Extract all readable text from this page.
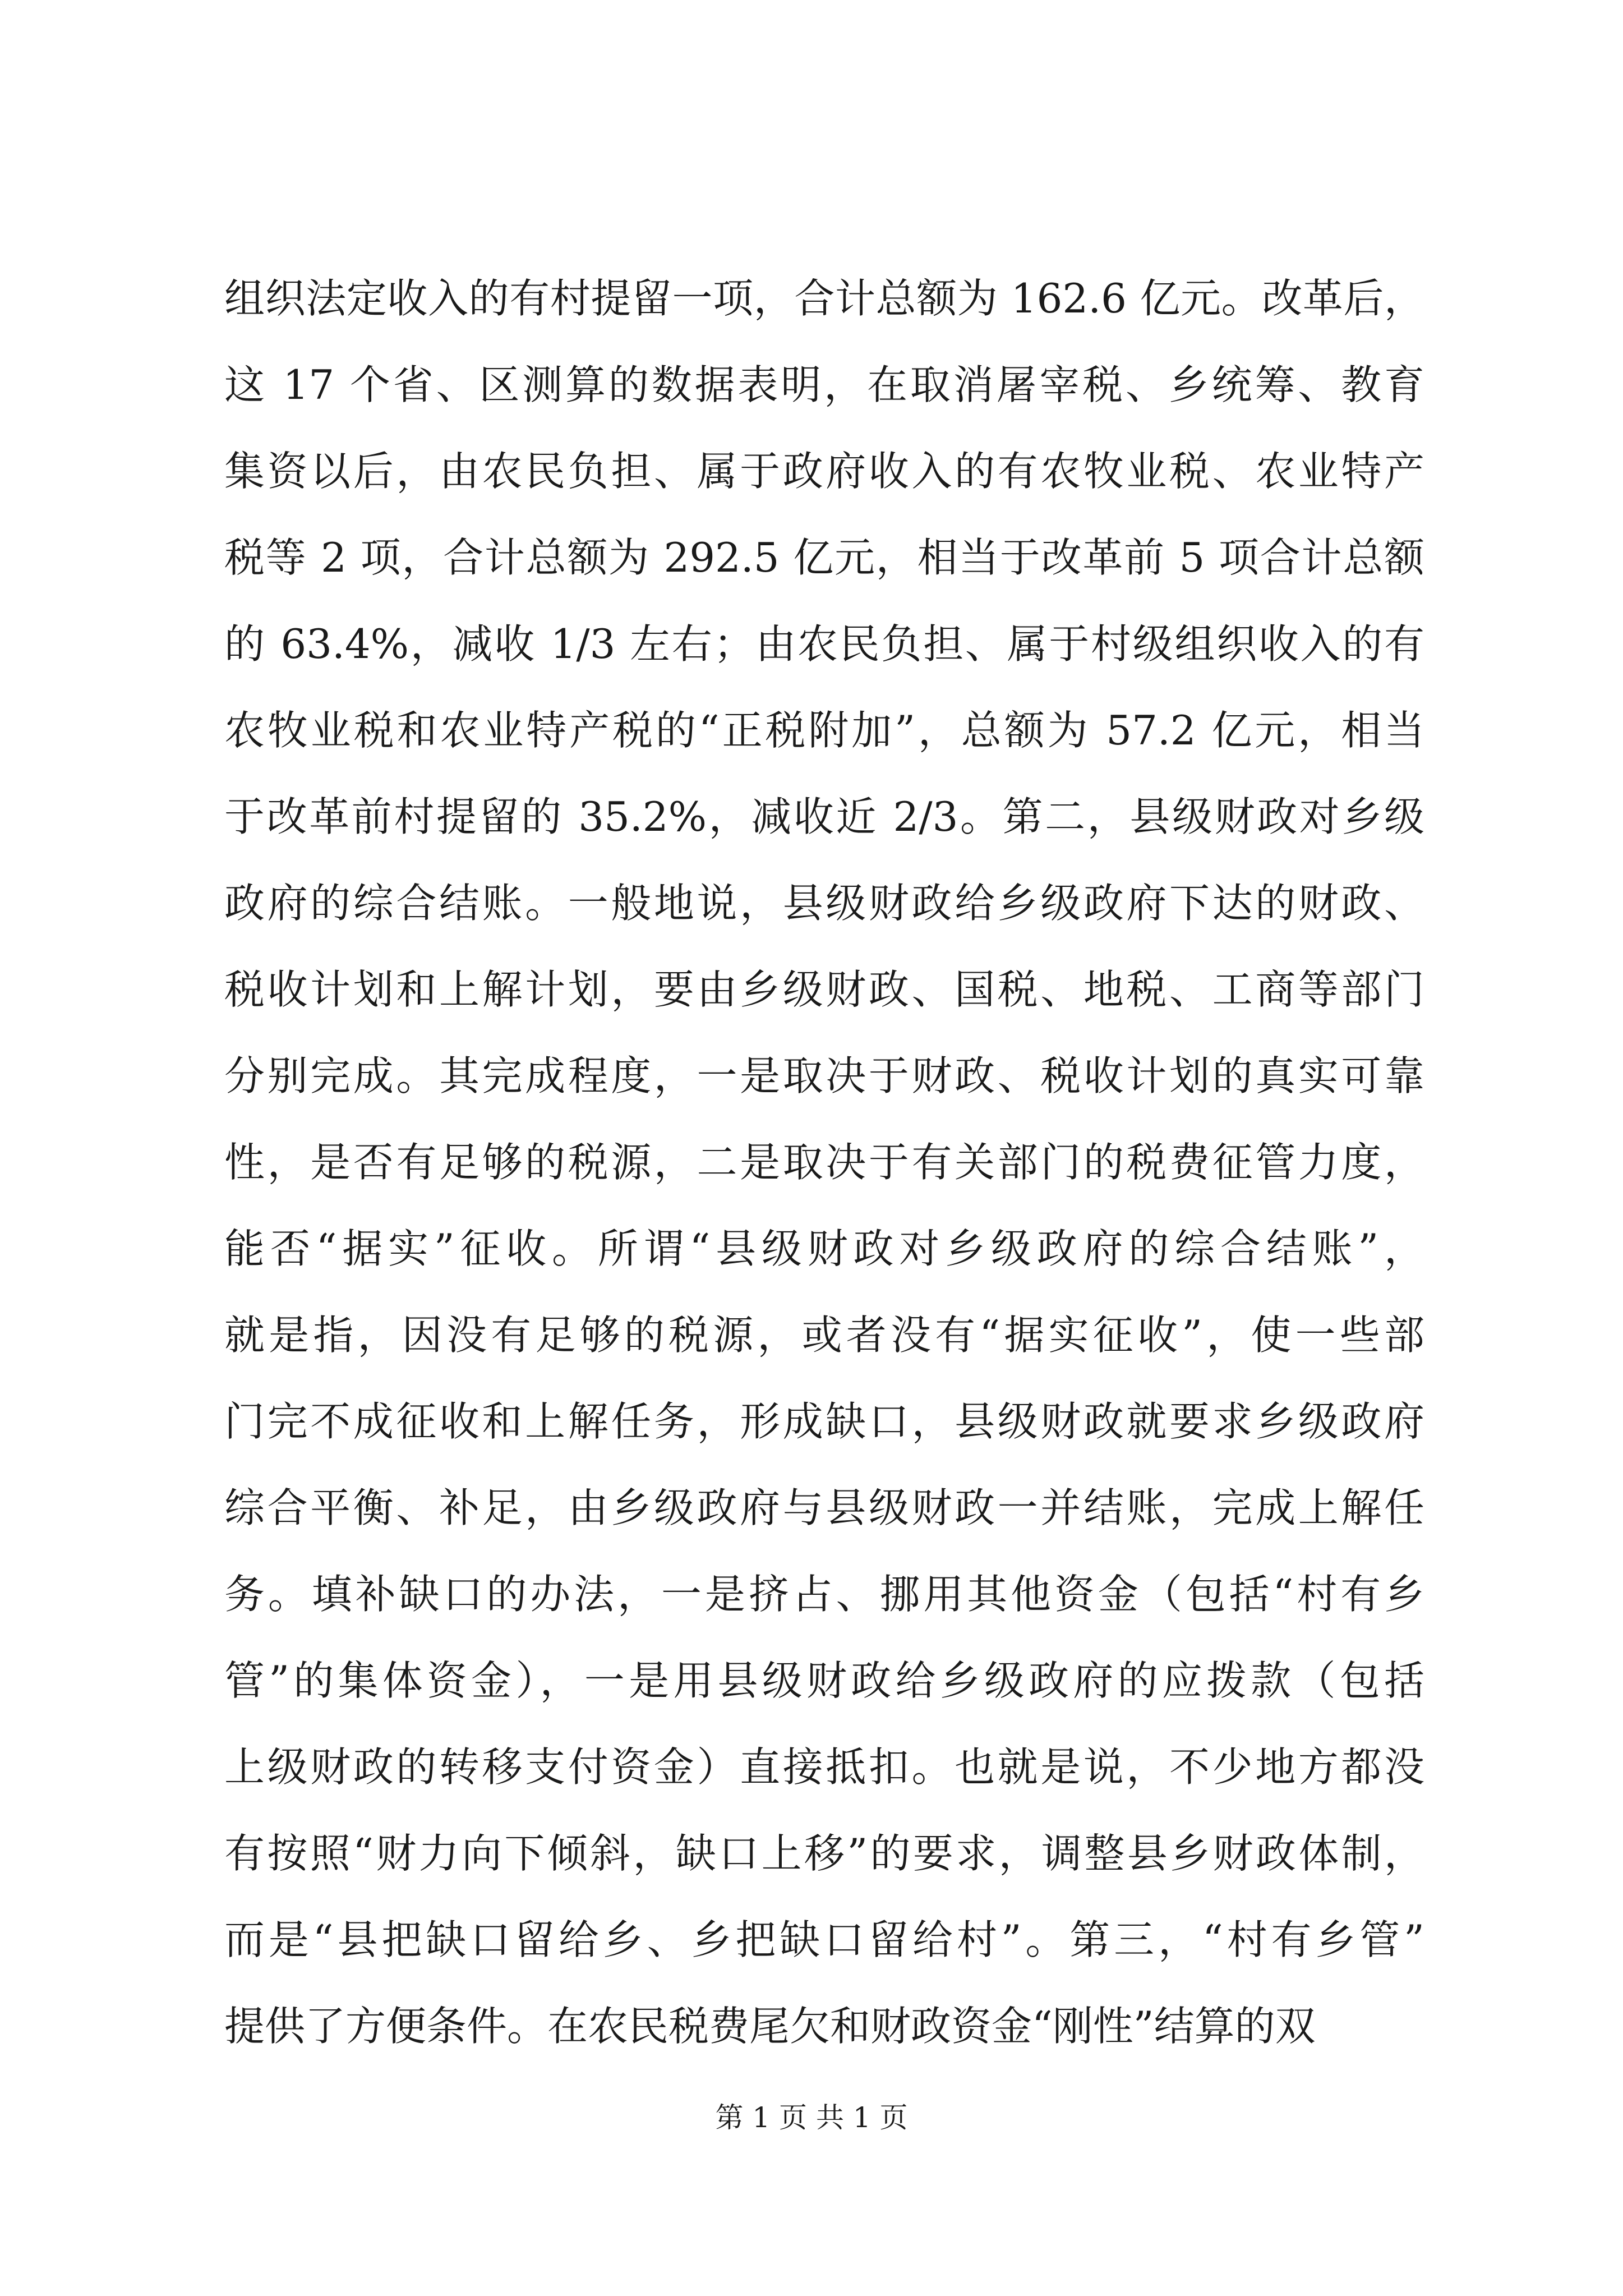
组织法定收入的有村提留一项，合计总额为 162.6 亿元。改革后，
这 17 个省、区测算的数据表明，在取消屠宰税、乡统筹、教育
集资以后，由农民负担、属于政府收入的有农牧业税、农业特产
税等 2 项，合计总额为 292.5 亿元，相当于改革前 5 项合计总额
的 63.4%，减收 1/3 左右；由农民负担、属于村级组织收入的有
农牧业税和农业特产税的“正税附加”，总额为 57.2 亿元，相当
于改革前村提留的 35.2%，减收近 2/3。第二，县级财政对乡级
政府的综合结账。一般地说，县级财政给乡级政府下达的财政、
税收计划和上解计划，要由乡级财政、国税、地税、工商等部门
分别完成。其完成程度，一是取决于财政、税收计划的真实可靠
性，是否有足够的税源，二是取决于有关部门的税费征管力度，
能否“据实”征收。所谓“县级财政对乡级政府的综合结账”，
就是指，因没有足够的税源，或者没有“据实征收”，使一些部
门完不成征收和上解任务，形成缺口，县级财政就要求乡级政府
综合平衡、补足，由乡级政府与县级财政一并结账，完成上解任
务。填补缺口的办法，一是挤占、挪用其他资金（包括“村有乡
管”的集体资金），一是用县级财政给乡级政府的应拨款（包括
上级财政的转移支付资金）直接抵扣。也就是说，不少地方都没
有按照“财力向下倾斜，缺口上移”的要求，调整县乡财政体制，
而是“县把缺口留给乡、乡把缺口留给村”。第三，“村有乡管”
提供了方便条件。在农民税费尾欠和财政资金“刚性”结算的双
第 1 页 共 1 页
